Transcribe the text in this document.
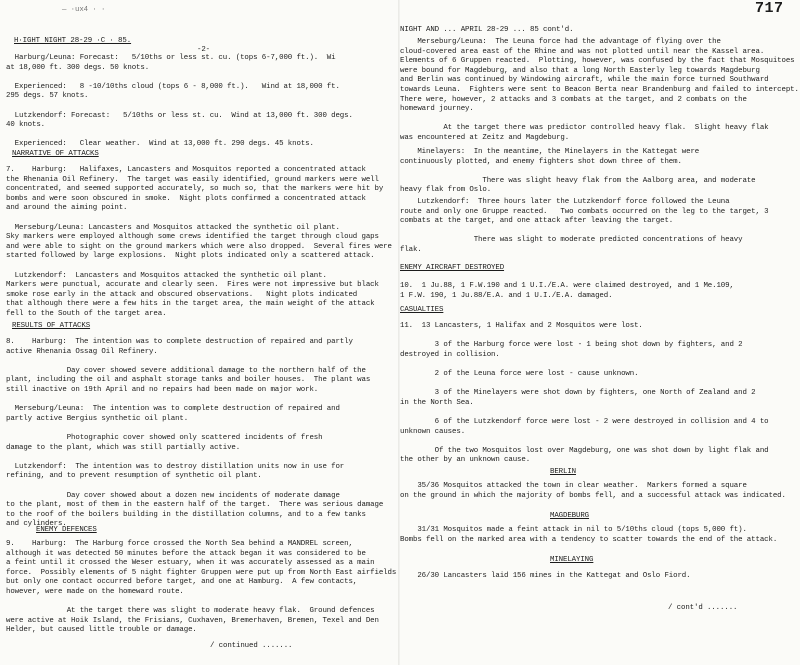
— ·ux4 · ·

H·IGHT NIGHT 28-29 ·C · 85.

-2-

Harburg/Leuna: Forecast:   5/10ths or less st. cu. (tops 6-7,000 ft.).  Wi
at 18,000 ft. 300 degs. 50 knots.

Experienced:   8 -10/10ths cloud (tops 6 - 8,000 ft.).   Wind at 18,000 ft.
295 degs. 57 knots.

Lutzkendorf: Forecast:   5/10ths or less st. cu.  Wind at 13,000 ft. 300 degs.
40 knots.

Experienced:   Clear weather.  Wind at 13,000 ft. 290 degs. 45 knots.

NARRATIVE OF ATTACKS

7.    Harburg:   Halifaxes, Lancasters and Mosquitos reported a concentrated attack
the Rhenania Oil Refinery.  The target was easily identified, ground markers were well
concentrated, and seemed supported accurately, so much so, that the markers were hit by
bombs and were soon obscured in smoke.  Night plots confirmed a concentrated attack
and around the aiming point.

Merseburg/Leuna: Lancasters and Mosquitos attacked the synthetic oil plant.
Sky markers were employed although some crews identified the target through cloud gaps
and were able to sight on the ground markers which were also dropped.  Several fires were
started followed by large explosions.  Night plots indicated only a scattered attack.

Lutzkendorf:  Lancasters and Mosquitos attacked the synthetic oil plant.
Markers were punctual, accurate and clearly seen.  Fires were not impressive but black
smoke rose early in the attack and obscured observations.   Night plots indicated
that although there were a few hits in the target area, the main weight of the attack
fell to the South of the target area.

RESULTS OF ATTACKS

8.    Harburg:  The intention was to complete destruction of repaired and partly
active Rhenania Ossag Oil Refinery.

Day cover showed severe additional damage to the northern half of the
plant, including the oil and asphalt storage tanks and boiler houses.  The plant was
still inactive on 19th April and no repairs had been made on major work.

Merseburg/Leuna:  The intention was to complete destruction of repaired and
partly active Bergius synthetic oil plant.

Photographic cover showed only scattered incidents of fresh
damage to the plant, which was still partially active.

Lutzkendorf:  The intention was to destroy distillation units now in use for
refining, and to prevent resumption of synthetic oil plant.

Day cover showed about a dozen new incidents of moderate damage
to the plant, most of them in the eastern half of the target.  There was serious damage
to the roof of the boilers building in the distillation columns, and to a few tanks
and cylinders.

ENEMY DEFENCES

9.    Harburg:  The Harburg force crossed the North Sea behind a MANDREL screen,
although it was detected 50 minutes before the attack began it was considered to be
a feint until it crossed the Weser estuary, when it was accurately assessed as a main
force.  Possibly elements of 5 night fighter Gruppen were put up from North East airfields
but only one contact occurred before target, and one at Hamburg.  A few contacts,
however, were made on the homeward route.

At the target there was slight to moderate heavy flak.  Ground defences
were active at Hoik Island, the Frisians, Cuxhaven, Bremerhaven, Bremen, Texel and Den
Helder, but caused little trouble or damage.

/ continued .......

717

NIGHT AND ... APRIL 28-29 ... 85 cont'd.

Merseburg/Leuna:  The Leuna force had the advantage of flying over the
cloud-covered area east of the Rhine and was not plotted until near the Kassel area.
Elements of 6 Gruppen reacted.  Plotting, however, was confused by the fact that Mosquitoes
were bound for Magdeburg, and also that a long North Easterly leg towards Magdeburg
and Berlin was continued by Windowing aircraft, while the main force turned Southward
towards Leuna.  Fighters were sent to Beacon Berta near Brandenburg and failed to intercept.
There were, however, 2 attacks and 3 combats at the target, and 2 combats on the
homeward journey.

At the target there was predictor controlled heavy flak.  Slight heavy flak
was encountered at Zeitz and Magdeburg.

Minelayers:  In the meantime, the Minelayers in the Kattegat were
continuously plotted, and enemy fighters shot down three of them.

There was slight heavy flak from the Aalborg area, and moderate
heavy flak from Oslo.

Lutzkendorf:  Three hours later the Lutzkendorf force followed the Leuna
route and only one Gruppe reacted.   Two combats occurred on the leg to the target, 3
combats at the target, and one attack after leaving the target.

There was slight to moderate predicted concentrations of heavy
flak.

ENEMY AIRCRAFT DESTROYED

10.  1 Ju.88, 1 F.W.190 and 1 U.I./E.A. were claimed destroyed, and 1 Me.109,
1 F.W. 190, 1 Ju.88/E.A. and 1 U.I./E.A. damaged.

CASUALTIES

11.  13 Lancasters, 1 Halifax and 2 Mosquitos were lost.

3 of the Harburg force were lost - 1 being shot down by fighters, and 2
destroyed in collision.

2 of the Leuna force were lost - cause unknown.

3 of the Minelayers were shot down by fighters, one North of Zealand and 2
in the North Sea.

6 of the Lutzkendorf force were lost - 2 were destroyed in collision and 4 to
unknown causes.

Of the two Mosquitos lost over Magdeburg, one was shot down by light flak and
the other by an unknown cause.

BERLIN

35/36 Mosquitos attacked the town in clear weather.  Markers formed a square
on the ground in which the majority of bombs fell, and a successful attack was indicated.

MAGDEBURG

31/31 Mosquitos made a feint attack in nil to 5/10ths cloud (tops 5,000 ft).
Bombs fell on the marked area with a tendency to scatter towards the end of the attack.

MINELAYING

26/30 Lancasters laid 156 mines in the Kattegat and Oslo Fiord.

/ cont'd .......
